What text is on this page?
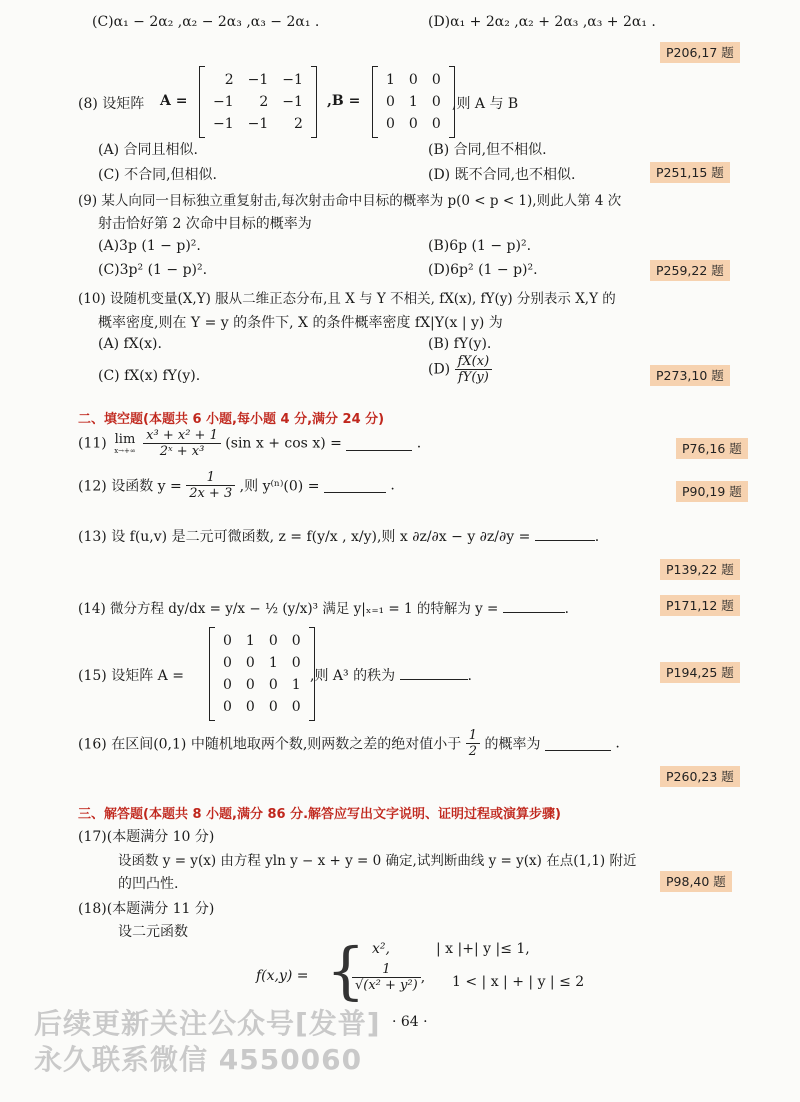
(C)α₁ − 2α₂ ,α₂ − 2α₃ ,α₃ − 2α₁ .	(D)α₁ + 2α₂ ,α₂ + 2α₃ ,α₃ + 2α₁ .
P206,17 题
(8) 设矩阵 A =
2	−1	−1
−1	2	−1
−1	−1	2
,B =
1	0	0
0	1	0
0	0	0
,则 A 与 B
(A) 合同且相似.	(B) 合同,但不相似.
(C) 不合同,但相似.	(D) 既不合同,也不相似.	P251,15 题
(9) 某人向同一目标独立重复射击,每次射击命中目标的概率为 p(0 < p < 1),则此人第 4 次
射击恰好第 2 次命中目标的概率为
(A)3p (1 − p)².	(B)6p (1 − p)².
(C)3p² (1 − p)².	(D)6p² (1 − p)².	P259,22 题
(10) 设随机变量(X,Y) 服从二维正态分布,且 X 与 Y 不相关, fX(x), fY(y) 分别表示 X,Y 的
概率密度,则在 Y = y 的条件下, X 的条件概率密度 fX|Y(x | y) 为
(A) fX(x).	(B) fY(y).
(C) fX(x) fY(y).	$(D) \frac{fX(x)}{fY(y)}$	P273,10 题
二、填空题(本题共 6 小题,每小题 4 分,满分 24 分)
(11) lim
x→+∞
$\frac{\text{x³ + x² + 1}}{\text{2ˣ + x³}} (\sin$ x + cos x) =	.	P76,16 题
(12) 设函数 $y = \frac{1}{2x + 3}$ ,则 y⁽ⁿ⁾(0) =	.	P90,19 题
(13) 设 f(u,v) 是二元可微函数, z = f(y/x , x/y),则 x ∂z/∂x − y ∂z/∂y =	.
P139,22 题
(14) 微分方程 dy/dx = y/x − ½ (y/x)³ 满足 y|ₓ₌₁ = 1 的特解为 y =	.	P171,12 题
(15) 设矩阵 A =
0	1	0	0
0	0	1	0
0	0	0	1
0	0	0	0
,则 A³ 的秩为	.	P194,25 题
(16) 在区间(0,1) 中随机地取两个数,则两数之差的绝对值小于 $\frac{1}{2}$ 的概率为	.
P260,23 题
三、解答题(本题共 8 小题,满分 86 分.解答应写出文字说明、证明过程或演算步骤)
(17)(本题满分 10 分)
设函数 y = y(x) 由方程 yln y − x + y = 0 确定,试判断曲线 y = y(x) 在点(1,1) 附近
的凹凸性.	P98,40 题
(18)(本题满分 11 分)
设二元函数
f(x,y) = { x²,	| x |+| y |≤ 1,
$\frac{1}{\text{√(x² + y²)}}$ , 1 < | x | + | y | ≤ 2
· 64 ·
后续更新关注公众号[发普]
永久联系微信 4550060
